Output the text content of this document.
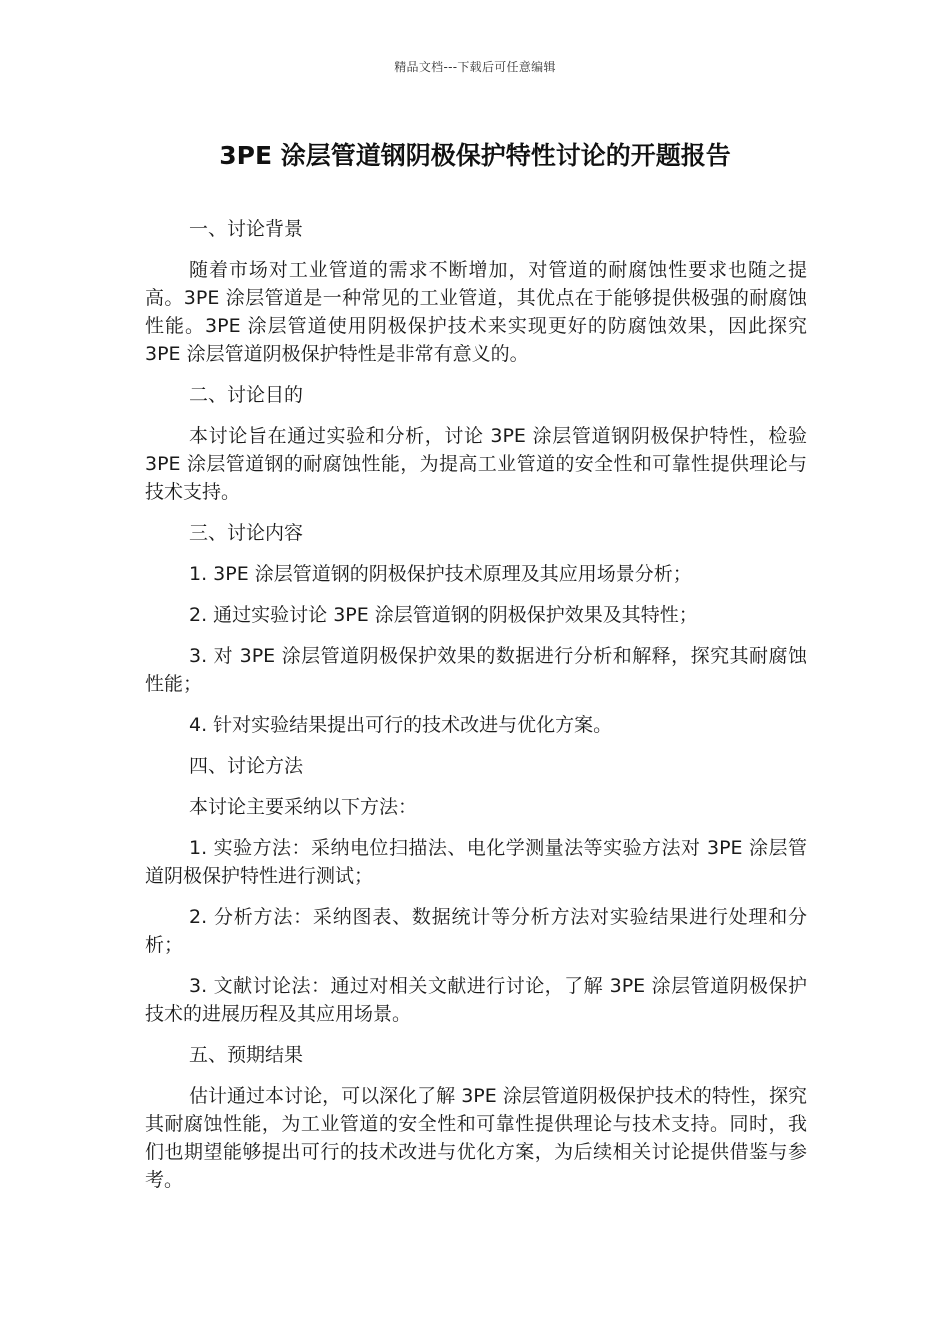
精品文档---下载后可任意编辑
3PE 涂层管道钢阴极保护特性讨论的开题报告

一、讨论背景

随着市场对工业管道的需求不断增加，对管道的耐腐蚀性要求也随之提高。3PE 涂层管道是一种常见的工业管道，其优点在于能够提供极强的耐腐蚀性能。3PE 涂层管道使用阴极保护技术来实现更好的防腐蚀效果，因此探究 3PE 涂层管道阴极保护特性是非常有意义的。

二、讨论目的

本讨论旨在通过实验和分析，讨论 3PE 涂层管道钢阴极保护特性，检验 3PE 涂层管道钢的耐腐蚀性能，为提高工业管道的安全性和可靠性提供理论与技术支持。

三、讨论内容

1. 3PE 涂层管道钢的阴极保护技术原理及其应用场景分析；

2. 通过实验讨论 3PE 涂层管道钢的阴极保护效果及其特性；

3. 对 3PE 涂层管道阴极保护效果的数据进行分析和解释，探究其耐腐蚀性能；

4. 针对实验结果提出可行的技术改进与优化方案。

四、讨论方法

本讨论主要采纳以下方法：

1. 实验方法：采纳电位扫描法、电化学测量法等实验方法对 3PE 涂层管道阴极保护特性进行测试；

2. 分析方法：采纳图表、数据统计等分析方法对实验结果进行处理和分析；

3. 文献讨论法：通过对相关文献进行讨论，了解 3PE 涂层管道阴极保护技术的进展历程及其应用场景。

五、预期结果

估计通过本讨论，可以深化了解 3PE 涂层管道阴极保护技术的特性，探究其耐腐蚀性能，为工业管道的安全性和可靠性提供理论与技术支持。同时，我们也期望能够提出可行的技术改进与优化方案，为后续相关讨论提供借鉴与参考。
